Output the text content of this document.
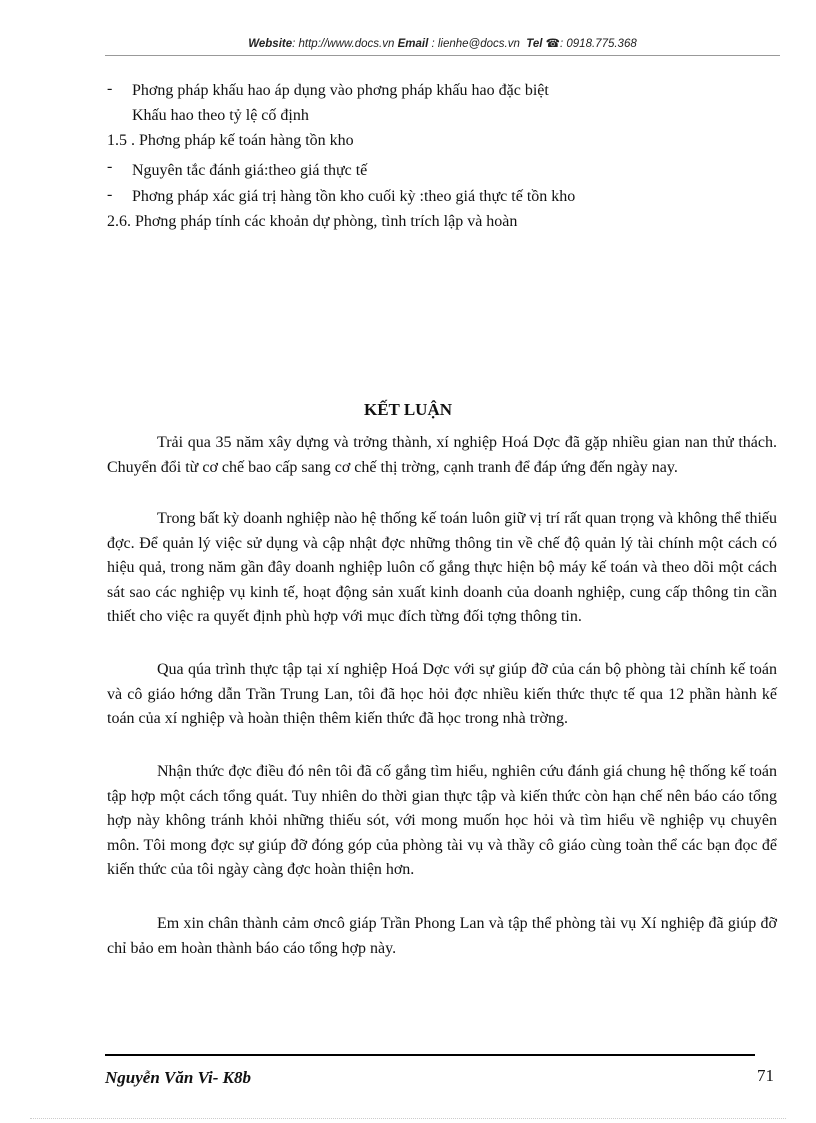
Website: http://www.docs.vn Email : lienhe@docs.vn Tel ☎: 0918.775.368
- Phơng pháp khấu hao áp dụng vào phơng pháp khấu hao đặc biệt
Khấu hao theo tỷ lệ cố định
1.5 . Phơng pháp kế toán hàng tồn kho
- Nguyên tắc đánh giá:theo giá thực tế
- Phơng pháp xác giá trị hàng tồn kho cuối kỳ :theo giá thực tế tồn kho
2.6. Phơng pháp tính các khoản dự phòng, tình trích lập và hoàn
KẾT LUẬN

Trải qua 35 năm xây dựng và trởng thành, xí nghiệp Hoá Dợc đã gặp nhiều gian nan thử thách. Chuyển đổi từ cơ chế bao cấp sang cơ chế thị trờng, cạnh tranh để đáp ứng đến ngày nay.

Trong bất kỳ doanh nghiệp nào hệ thống kế toán luôn giữ vị trí rất quan trọng và không thể thiếu đợc. Để quản lý việc sử dụng và cập nhật đợc những thông tin về chế độ quản lý tài chính một cách có hiệu quả, trong năm gần đây doanh nghiệp luôn cố gắng thực hiện bộ máy kế toán và theo dõi một cách sát sao các nghiệp vụ kinh tế, hoạt động sản xuất kinh doanh của doanh nghiệp, cung cấp thông tin cần thiết cho việc ra quyết định phù hợp với mục đích từng đối tợng thông tin.

Qua qúa trình thực tập tại xí nghiệp Hoá Dợc với sự giúp đỡ của cán bộ phòng tài chính kế toán và cô giáo hớng dẫn Trần Trung Lan, tôi đã học hỏi đợc nhiều kiến thức thực tế qua 12 phần hành kế toán của xí nghiệp và hoàn thiện thêm kiến thức đã học trong nhà trờng.

Nhận thức đợc điều đó nên tôi đã cố gắng tìm hiểu, nghiên cứu đánh giá chung hệ thống kế toán tập hợp một cách tổng quát. Tuy nhiên do thời gian thực tập và kiến thức còn hạn chế nên báo cáo tổng hợp này không tránh khỏi những thiếu sót, với mong muốn học hỏi và tìm hiểu về nghiệp vụ chuyên môn. Tôi mong đợc sự giúp đỡ đóng góp của phòng tài vụ và thầy cô giáo cùng toàn thể các bạn đọc để kiến thức của tôi ngày càng đợc hoàn thiện hơn.

Em xin chân thành cảm ơncô giáp Trần Phong Lan và tập thể phòng tài vụ Xí nghiệp đã giúp đỡ chỉ bảo em hoàn thành báo cáo tổng hợp này.

Nguyễn Văn Vi- K8b	71
